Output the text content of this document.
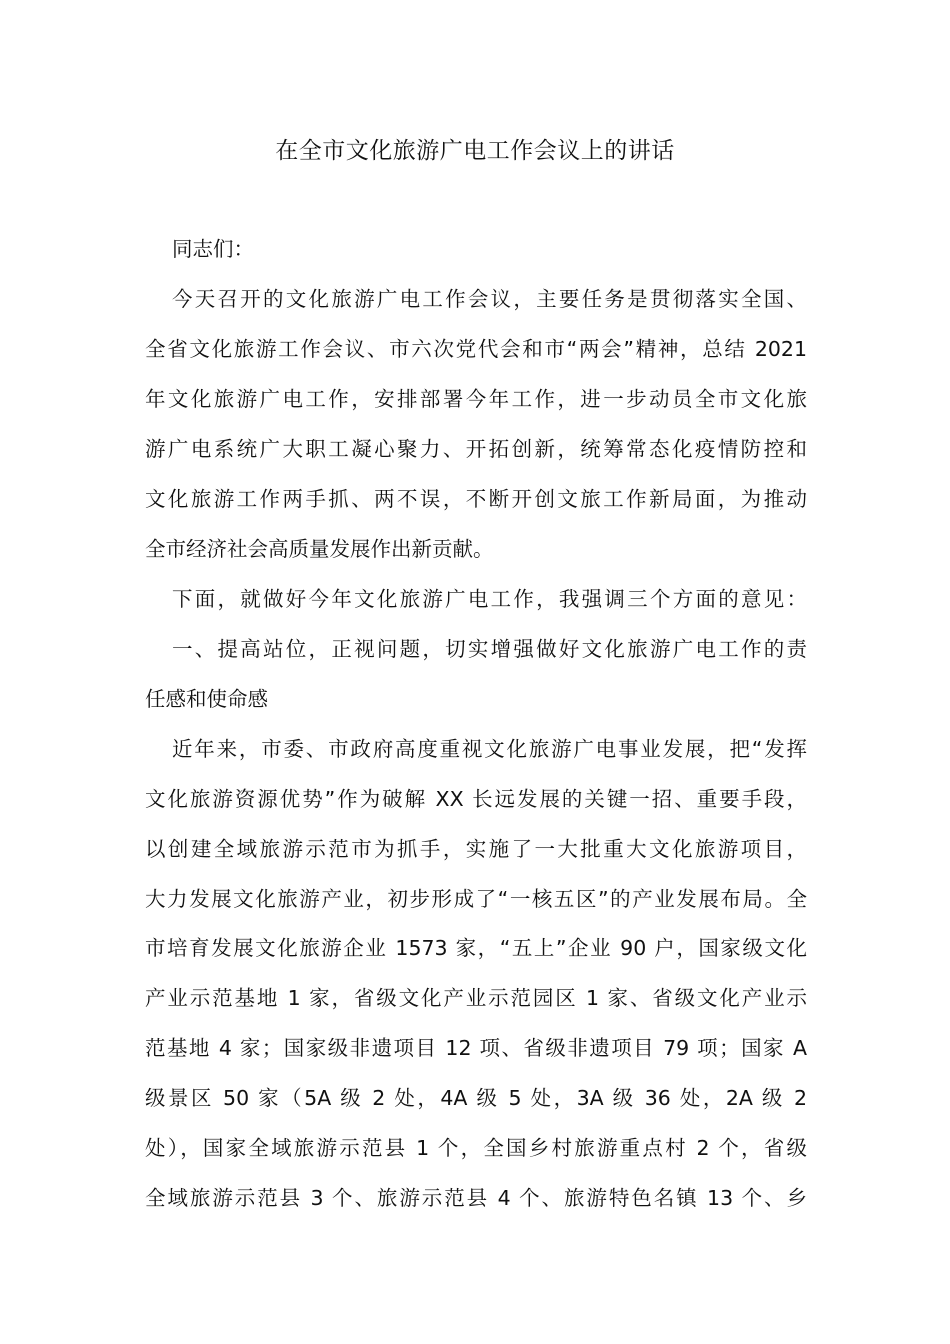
在全市文化旅游广电工作会议上的讲话
同志们：
今天召开的文化旅游广电工作会议，主要任务是贯彻落实全国、
全省文化旅游工作会议、市六次党代会和市“两会”精神，总结 2021
年文化旅游广电工作，安排部署今年工作，进一步动员全市文化旅
游广电系统广大职工凝心聚力、开拓创新，统筹常态化疫情防控和
文化旅游工作两手抓、两不误，不断开创文旅工作新局面，为推动
全市经济社会高质量发展作出新贡献。
下面，就做好今年文化旅游广电工作，我强调三个方面的意见：
一、提高站位，正视问题，切实增强做好文化旅游广电工作的责
任感和使命感
近年来，市委、市政府高度重视文化旅游广电事业发展，把“发挥
文化旅游资源优势”作为破解 XX 长远发展的关键一招、重要手段，
以创建全域旅游示范市为抓手，实施了一大批重大文化旅游项目，
大力发展文化旅游产业，初步形成了“一核五区”的产业发展布局。全
市培育发展文化旅游企业 1573 家，“五上”企业 90 户，国家级文化
产业示范基地 1 家，省级文化产业示范园区 1 家、省级文化产业示
范基地 4 家；国家级非遗项目 12 项、省级非遗项目 79 项；国家 A
级景区 50 家（5A 级 2 处，4A 级 5 处，3A 级 36 处，2A 级 2
处），国家全域旅游示范县 1 个，全国乡村旅游重点村 2 个，省级
全域旅游示范县 3 个、旅游示范县 4 个、旅游特色名镇 13 个、乡
